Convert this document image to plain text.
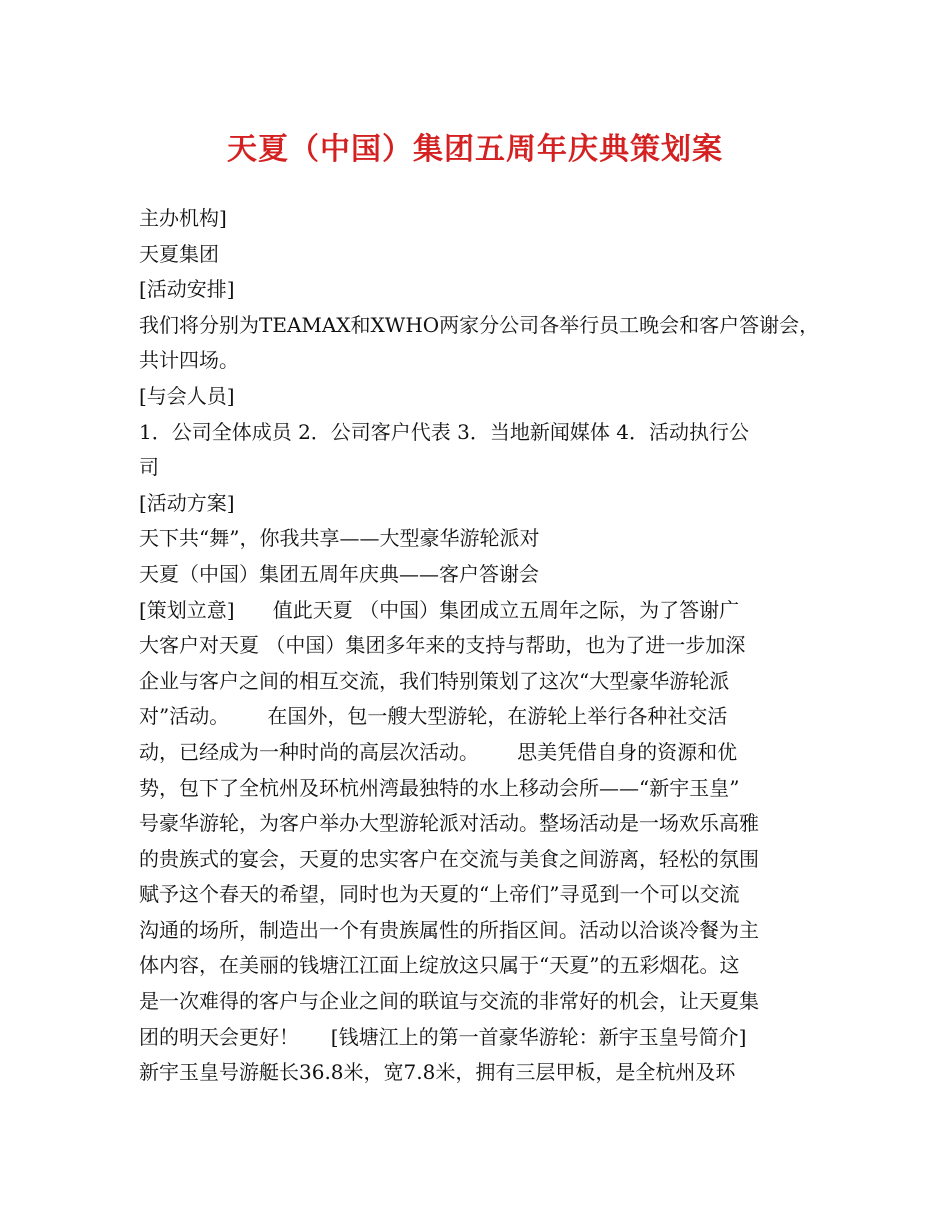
天夏（中国）集团五周年庆典策划案
主办机构]
天夏集团
[活动安排]
我们将分别为TEAMAX和XWHO两家分公司各举行员工晚会和客户答谢会，
共计四场。
[与会人员]
1．公司全体成员 2．公司客户代表 3．当地新闻媒体 4．活动执行公
司
[活动方案]
天下共“舞”，你我共享——大型豪华游轮派对
天夏（中国）集团五周年庆典——客户答谢会
[策划立意]      值此天夏 （中国）集团成立五周年之际，为了答谢广
大客户对天夏 （中国）集团多年来的支持与帮助，也为了进一步加深
企业与客户之间的相互交流，我们特别策划了这次“大型豪华游轮派
对”活动。      在国外，包一艘大型游轮，在游轮上举行各种社交活
动，已经成为一种时尚的高层次活动。      思美凭借自身的资源和优
势，包下了全杭州及环杭州湾最独特的水上移动会所——“新宇玉皇”
号豪华游轮，为客户举办大型游轮派对活动。整场活动是一场欢乐高雅
的贵族式的宴会，天夏的忠实客户在交流与美食之间游离，轻松的氛围
赋予这个春天的希望，同时也为天夏的“上帝们”寻觅到一个可以交流
沟通的场所，制造出一个有贵族属性的所指区间。活动以洽谈冷餐为主
体内容，在美丽的钱塘江江面上绽放这只属于“天夏”的五彩烟花。这
是一次难得的客户与企业之间的联谊与交流的非常好的机会，让天夏集
团的明天会更好！     [钱塘江上的第一首豪华游轮：新宇玉皇号简介]
新宇玉皇号游艇长36.8米，宽7.8米，拥有三层甲板，是全杭州及环
